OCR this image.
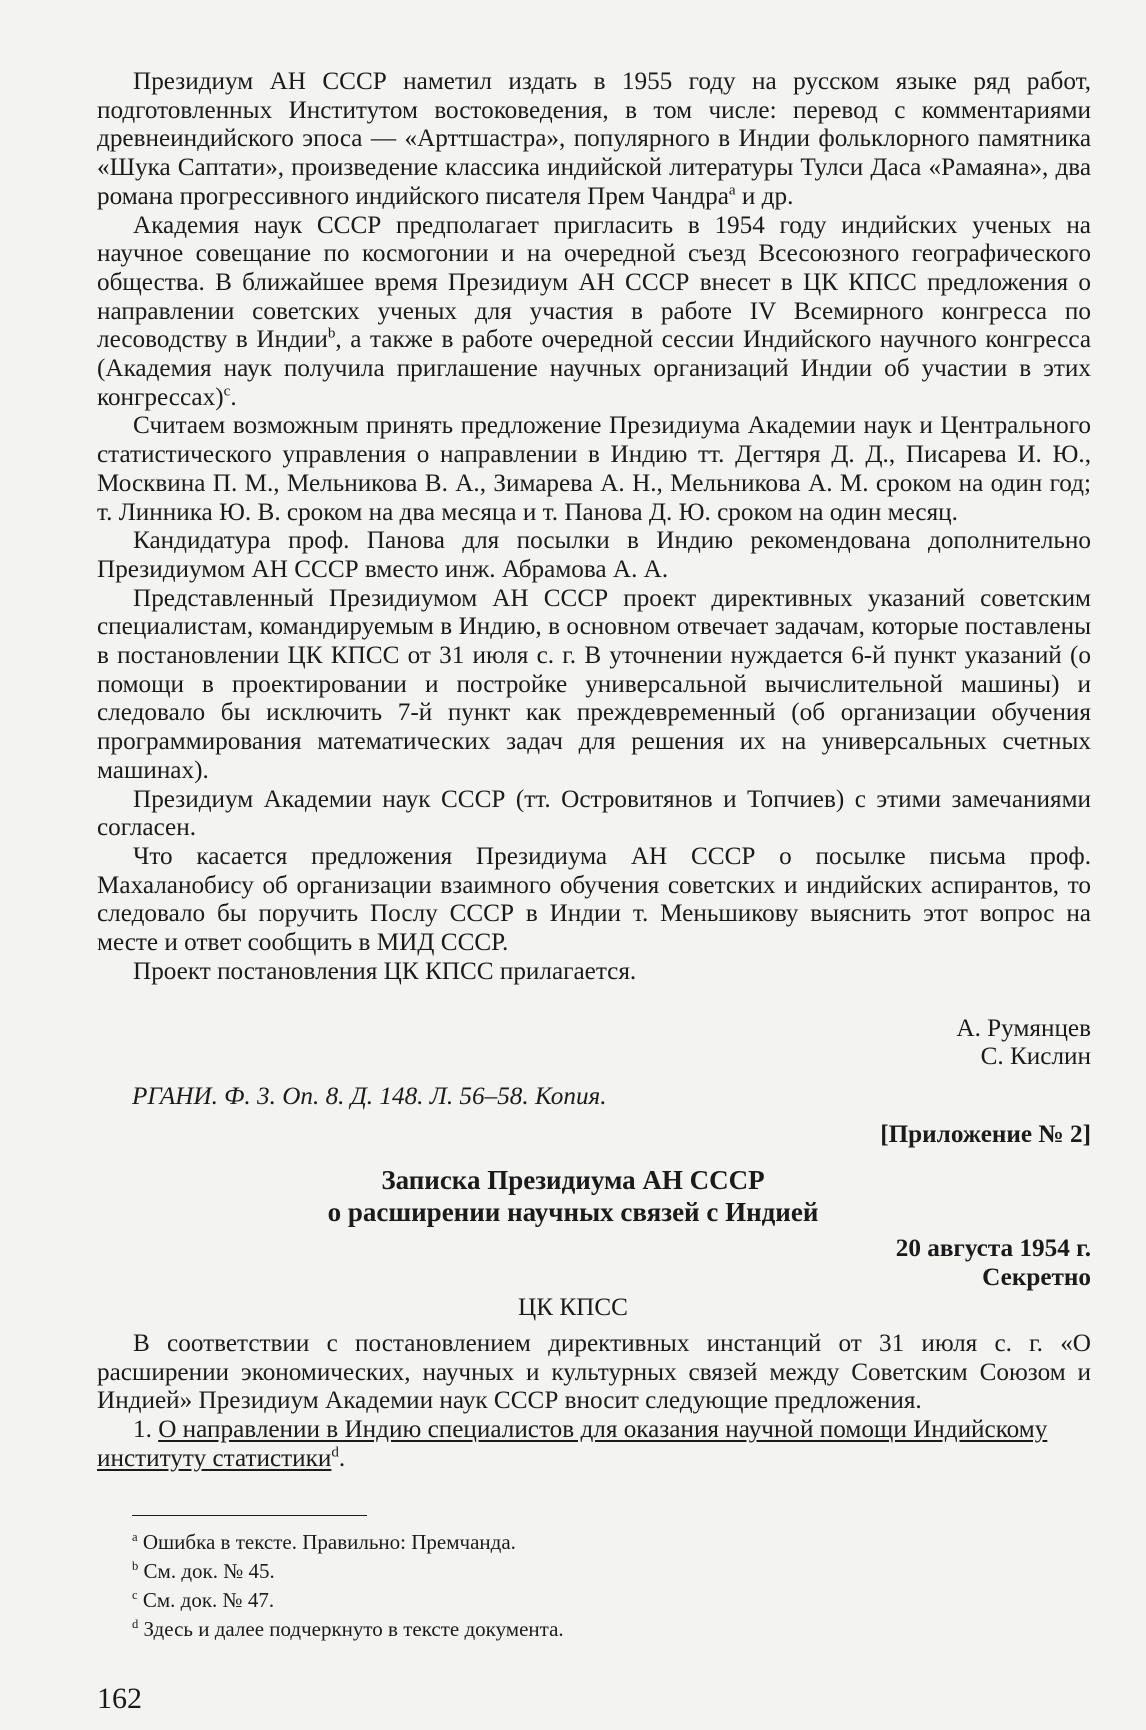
Президиум АН СССР наметил издать в 1955 году на русском языке ряд работ, подготовленных Институтом востоковедения, в том числе: перевод с комментариями древнеиндийского эпоса — «Арттшастра», популярного в Индии фольклорного памятника «Шука Саптати», произведение классика индийской литературы Тулси Даса «Рамаяна», два романа прогрессивного индийского писателя Прем Чандра$^a$ и др.

Академия наук СССР предполагает пригласить в 1954 году индийских ученых на научное совещание по космогонии и на очередной съезд Всесоюзного географического общества. В ближайшее время Президиум АН СССР внесет в ЦК КПСС предложения о направлении советских ученых для участия в работе IV Всемирного конгресса по лесоводству в Индии$^b$, а также в работе очередной сессии Индийского научного конгресса (Академия наук получила приглашение научных организаций Индии об участии в этих конгрессах)$^c$.

Считаем возможным принять предложение Президиума Академии наук и Центрального статистического управления о направлении в Индию тт. Дегтяря Д. Д., Писарева И. Ю., Москвина П. М., Мельникова В. А., Зимарева А. Н., Мельникова А. М. сроком на один год; т. Линника Ю. В. сроком на два месяца и т. Панова Д. Ю. сроком на один месяц.

Кандидатура проф. Панова для посылки в Индию рекомендована дополнительно Президиумом АН СССР вместо инж. Абрамова А. А.

Представленный Президиумом АН СССР проект директивных указаний советским специалистам, командируемым в Индию, в основном отвечает задачам, которые поставлены в постановлении ЦК КПСС от 31 июля с. г. В уточнении нуждается 6-й пункт указаний (о помощи в проектировании и постройке универсальной вычислительной машины) и следовало бы исключить 7-й пункт как преждевременный (об организации обучения программирования математических задач для решения их на универсальных счетных машинах).

Президиум Академии наук СССР (тт. Островитянов и Топчиев) с этими замечаниями согласен.

Что касается предложения Президиума АН СССР о посылке письма проф. Махаланобису об организации взаимного обучения советских и индийских аспирантов, то следовало бы поручить Послу СССР в Индии т. Меньшикову выяснить этот вопрос на месте и ответ сообщить в МИД СССР.

Проект постановления ЦК КПСС прилагается.

А. Румянцев
С. Кислин
РГАНИ. Ф. 3. Оп. 8. Д. 148. Л. 56–58. Копия.
[Приложение № 2]
Записка Президиума АН СССР
о расширении научных связей с Индией
20 августа 1954 г.
Секретно
ЦК КПСС

В соответствии с постановлением директивных инстанций от 31 июля с. г. «О расширении экономических, научных и культурных связей между Советским Союзом и Индией» Президиум Академии наук СССР вносит следующие предложения.

1. О направлении в Индию специалистов для оказания научной помощи Индийскому институту статистики$^d$.

$^a$ Ошибка в тексте. Правильно: Премчанда.
$^b$ См. док. № 45.
$^c$ См. док. № 47.
$^d$ Здесь и далее подчеркнуто в тексте документа.
162
